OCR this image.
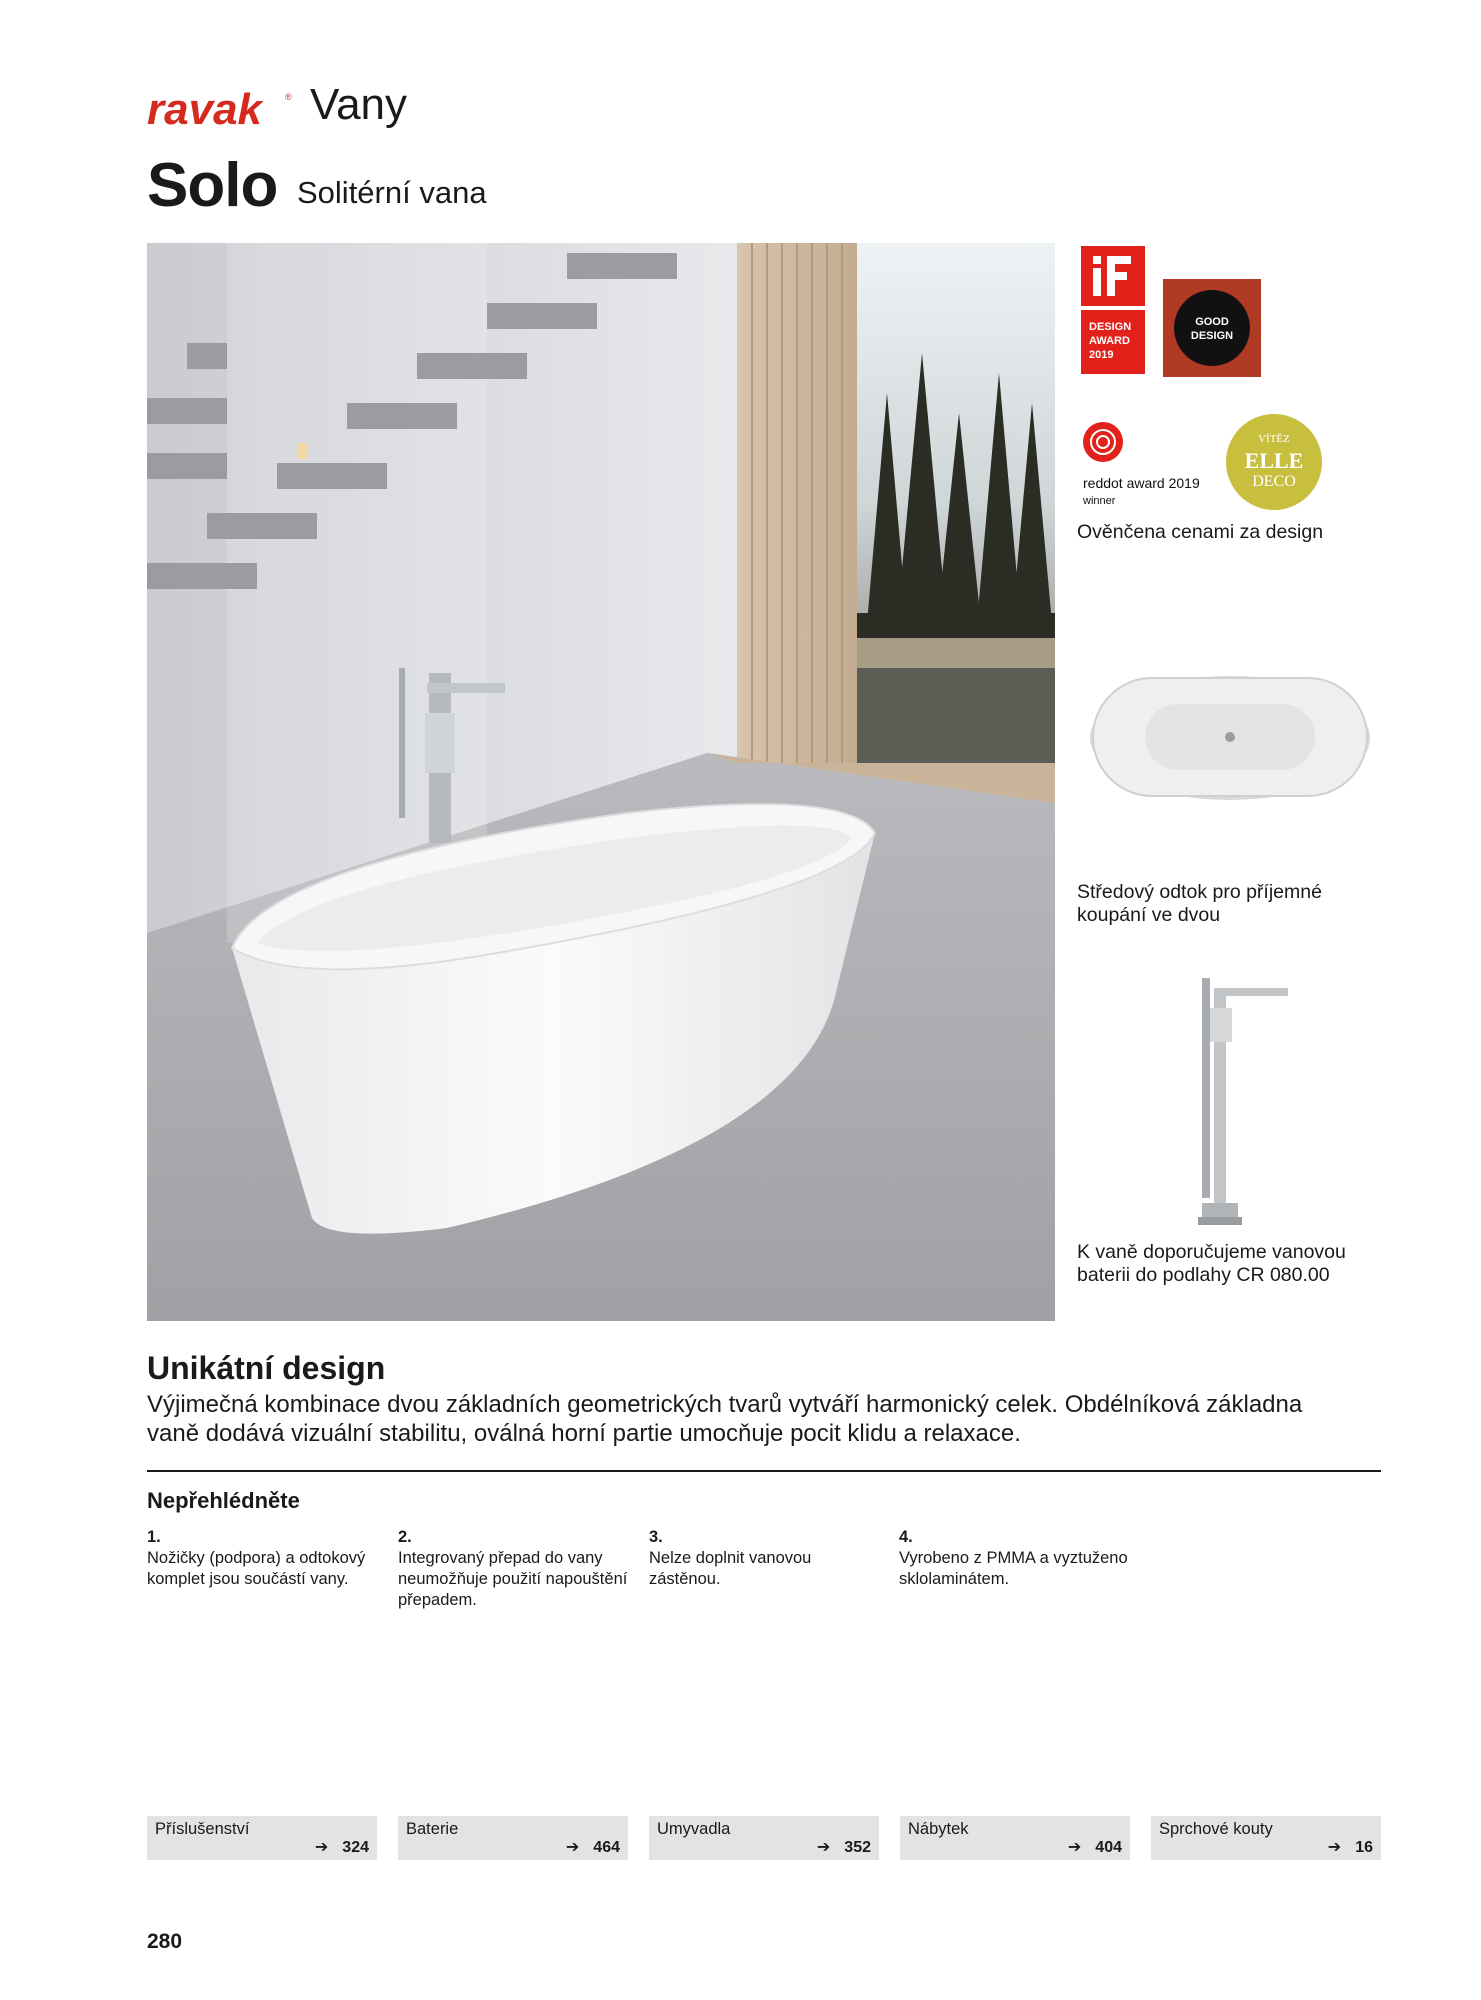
ravak	® Vany
Solo Solitérní vana
DESIGN
AWARD
2019
GOOD
DESIGN
reddot award 2019
winner
VÍTĚZ
ELLE
DECO
Ověnčena cenami za design
Středový odtok pro příjemné koupání ve dvou
K vaně doporučujeme vanovou baterii do podlahy CR 080.00
Unikátní design
Výjimečná kombinace dvou základních geometrických tvarů vytváří harmonický celek. Obdélníková základna vaně dodává vizuální stabilitu, oválná horní partie umocňuje pocit klidu a relaxace.
Nepřehlédněte
1.
Nožičky (podpora) a odtokový komplet jsou součástí vany.
2.
Integrovaný přepad do vany neumožňuje použití napouštění přepadem.
3.
Nelze doplnit vanovou zástěnou.
4.
Vyrobeno z PMMA a vyztuženo sklolaminátem.
Příslušenství
➔ 324
Baterie
➔ 464
Umyvadla
➔ 352
Nábytek
➔ 404
Sprchové kouty
➔ 16
280
